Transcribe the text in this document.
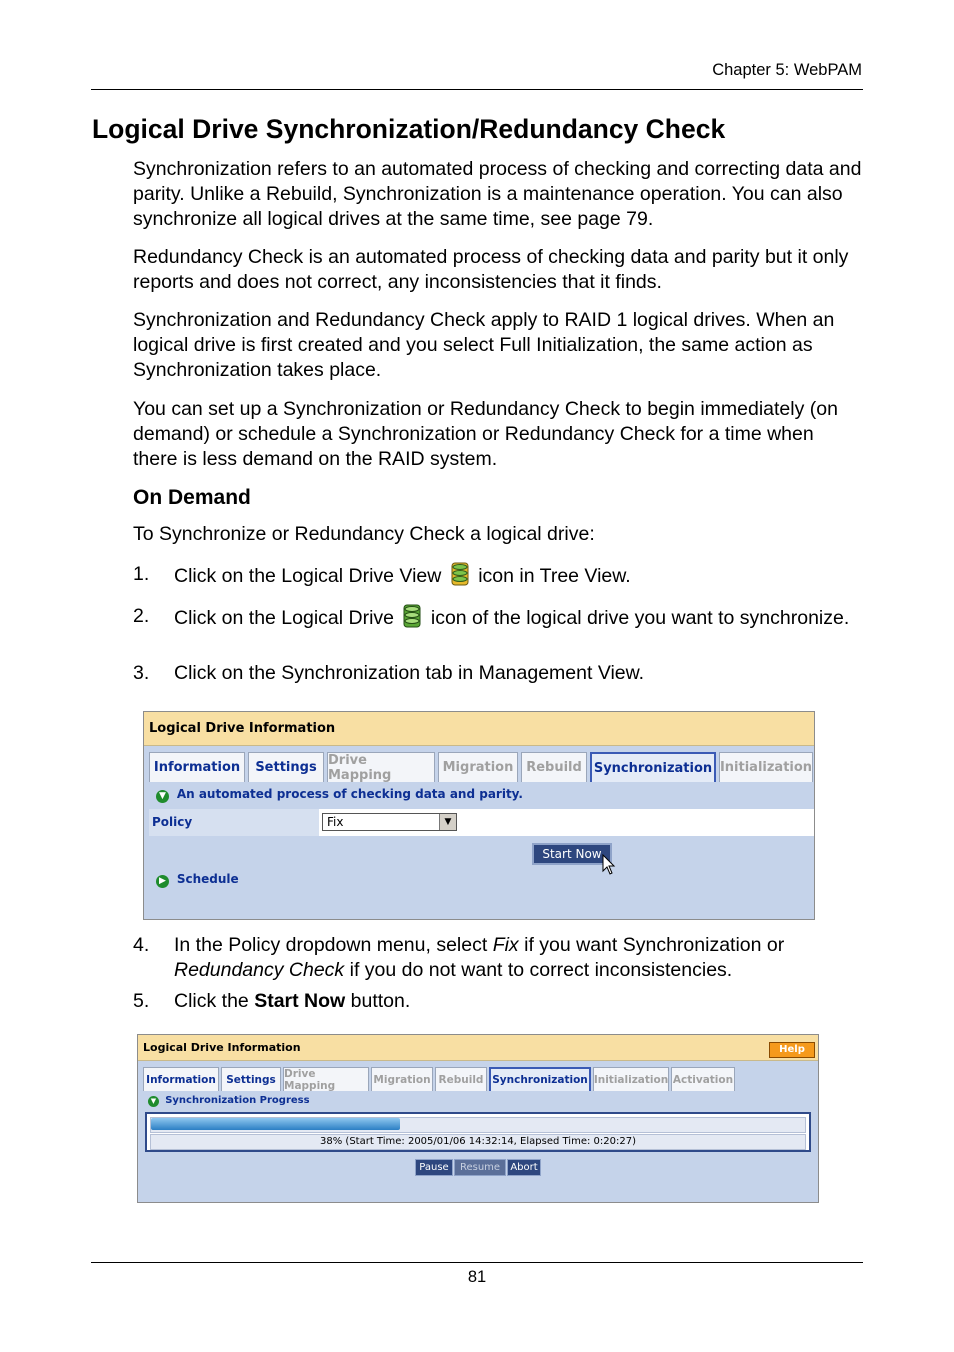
Chapter 5: WebPAM
Logical Drive Synchronization/Redundancy Check
Synchronization refers to an automated process of checking and correcting data and parity. Unlike a Rebuild, Synchronization is a maintenance operation. You can also synchronize all logical drives at the same time, see page 79.
Redundancy Check is an automated process of checking data and parity but it only reports and does not correct, any inconsistencies that it finds.
Synchronization and Redundancy Check apply to RAID 1 logical drives. When an logical drive is first created and you select Full Initialization, the same action as Synchronization takes place.
You can set up a Synchronization or Redundancy Check to begin immediately (on demand) or schedule a Synchronization or Redundancy Check for a time when there is less demand on the RAID system.
On Demand
To Synchronize or Redundancy Check a logical drive:
1. Click on the Logical Drive View icon in Tree View.
2. Click on the Logical Drive icon of the logical drive you want to synchronize.
3. Click on the Synchronization tab in Management View.
Logical Drive Information
Information	Settings Drive Mapping	Migration Rebuild Synchronization Initialization
▼ An automated process of checking data and parity.
Policy	Fix	▼
Start Now
▶ Schedule
4. In the Policy dropdown menu, select Fix if you want Synchronization or Redundancy Check if you do not want to correct inconsistencies.
5. Click the Start Now button.
Logical Drive Information	Help
Information Settings Drive Mapping	Migration Rebuild Synchronization Initialization Activation
▼ Synchronization Progress
38% (Start Time: 2005/01/06 14:32:14, Elapsed Time: 0:20:27)
Pause	Resume	Abort
81
